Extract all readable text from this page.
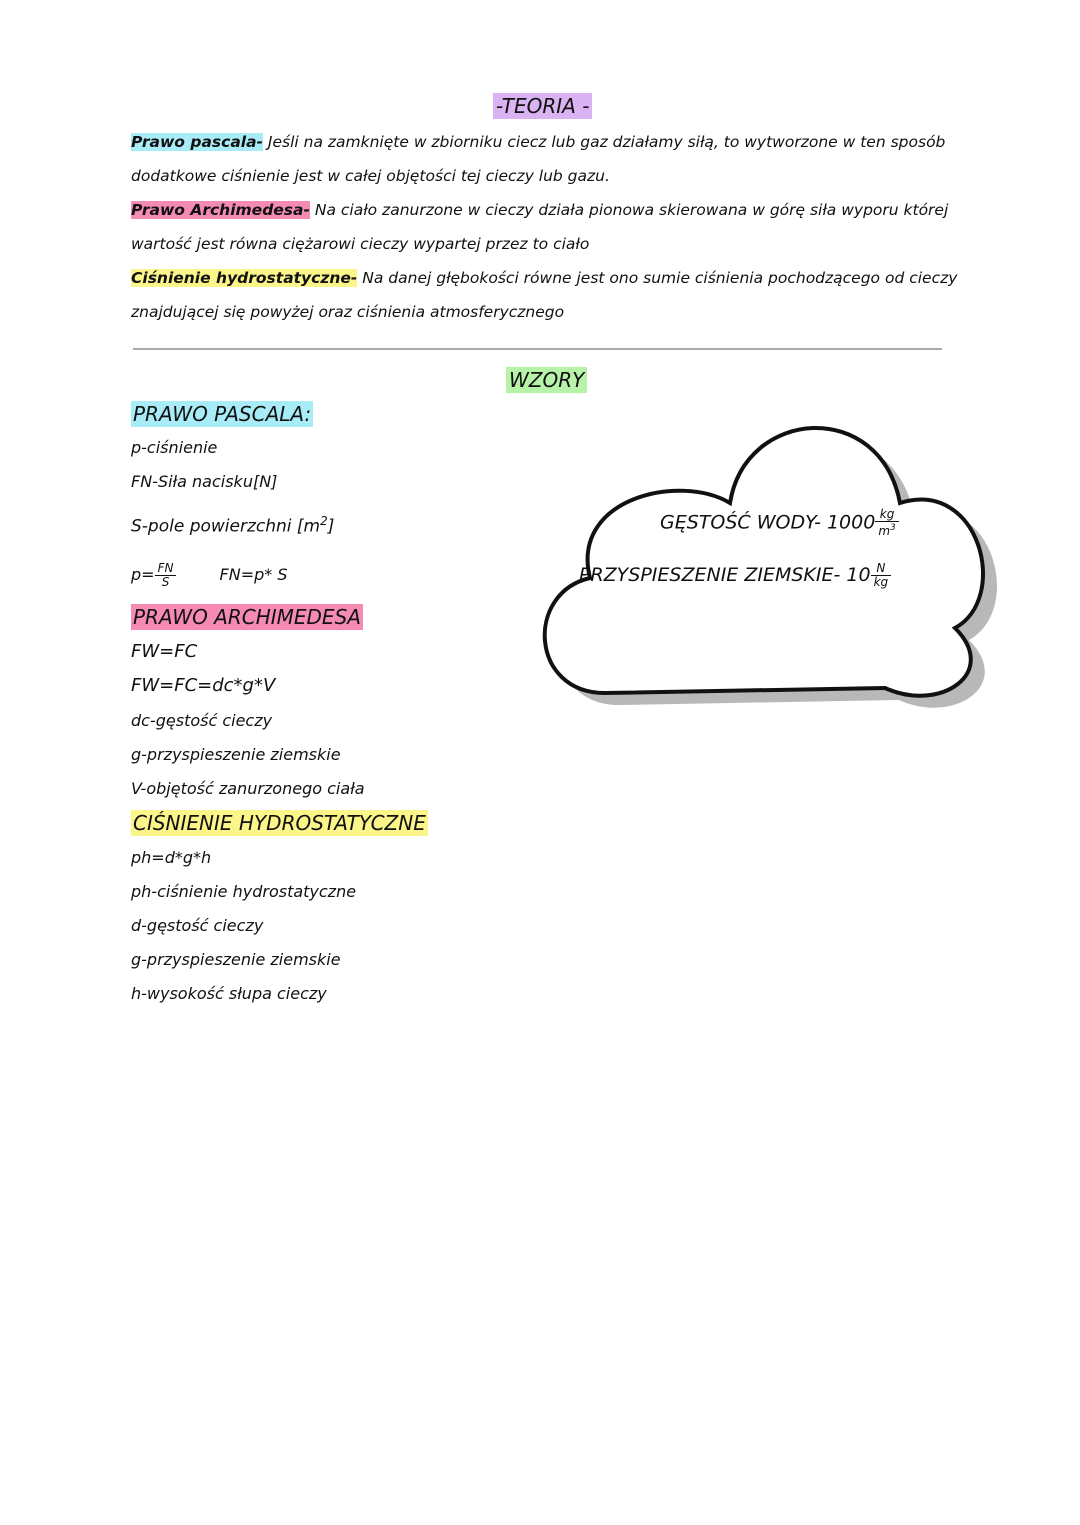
-TEORIA -
Prawo pascala- Jeśli na zamknięte w zbiorniku ciecz lub gaz działamy siłą, to wytworzone w ten sposób
dodatkowe ciśnienie jest w całej objętości tej cieczy lub gazu.
Prawo Archimedesa- Na ciało zanurzone w cieczy działa pionowa skierowana w górę siła wyporu której
wartość jest równa ciężarowi cieczy wypartej przez to ciało
Ciśnienie hydrostatyczne- Na danej głębokości równe jest ono sumie ciśnienia pochodzącego od cieczy
znajdującej się powyżej oraz ciśnienia atmosferycznego
WZORY
PRAWO PASCALA:
p-ciśnienie
FN-Siła nacisku[N]
S-pole powierzchni $[m^2]$
$p= \frac{FN}{S}$	FN=p* S
PRAWO ARCHIMEDESA
FW=FC
FW=FC=dc*g*V
dc-gęstość cieczy
g-przyspieszenie ziemskie
V-objętość zanurzonego ciała
CIŚNIENIE HYDROSTATYCZNE
ph=d*g*h
ph-ciśnienie hydrostatyczne
d-gęstość cieczy
g-przyspieszenie ziemskie
h-wysokość słupa cieczy
GĘSTOŚĆ WODY- $1000 \frac{kg}{m^3}$
PRZYSPIESZENIE ZIEMSKIE- $10 \frac{N}{kg}$
